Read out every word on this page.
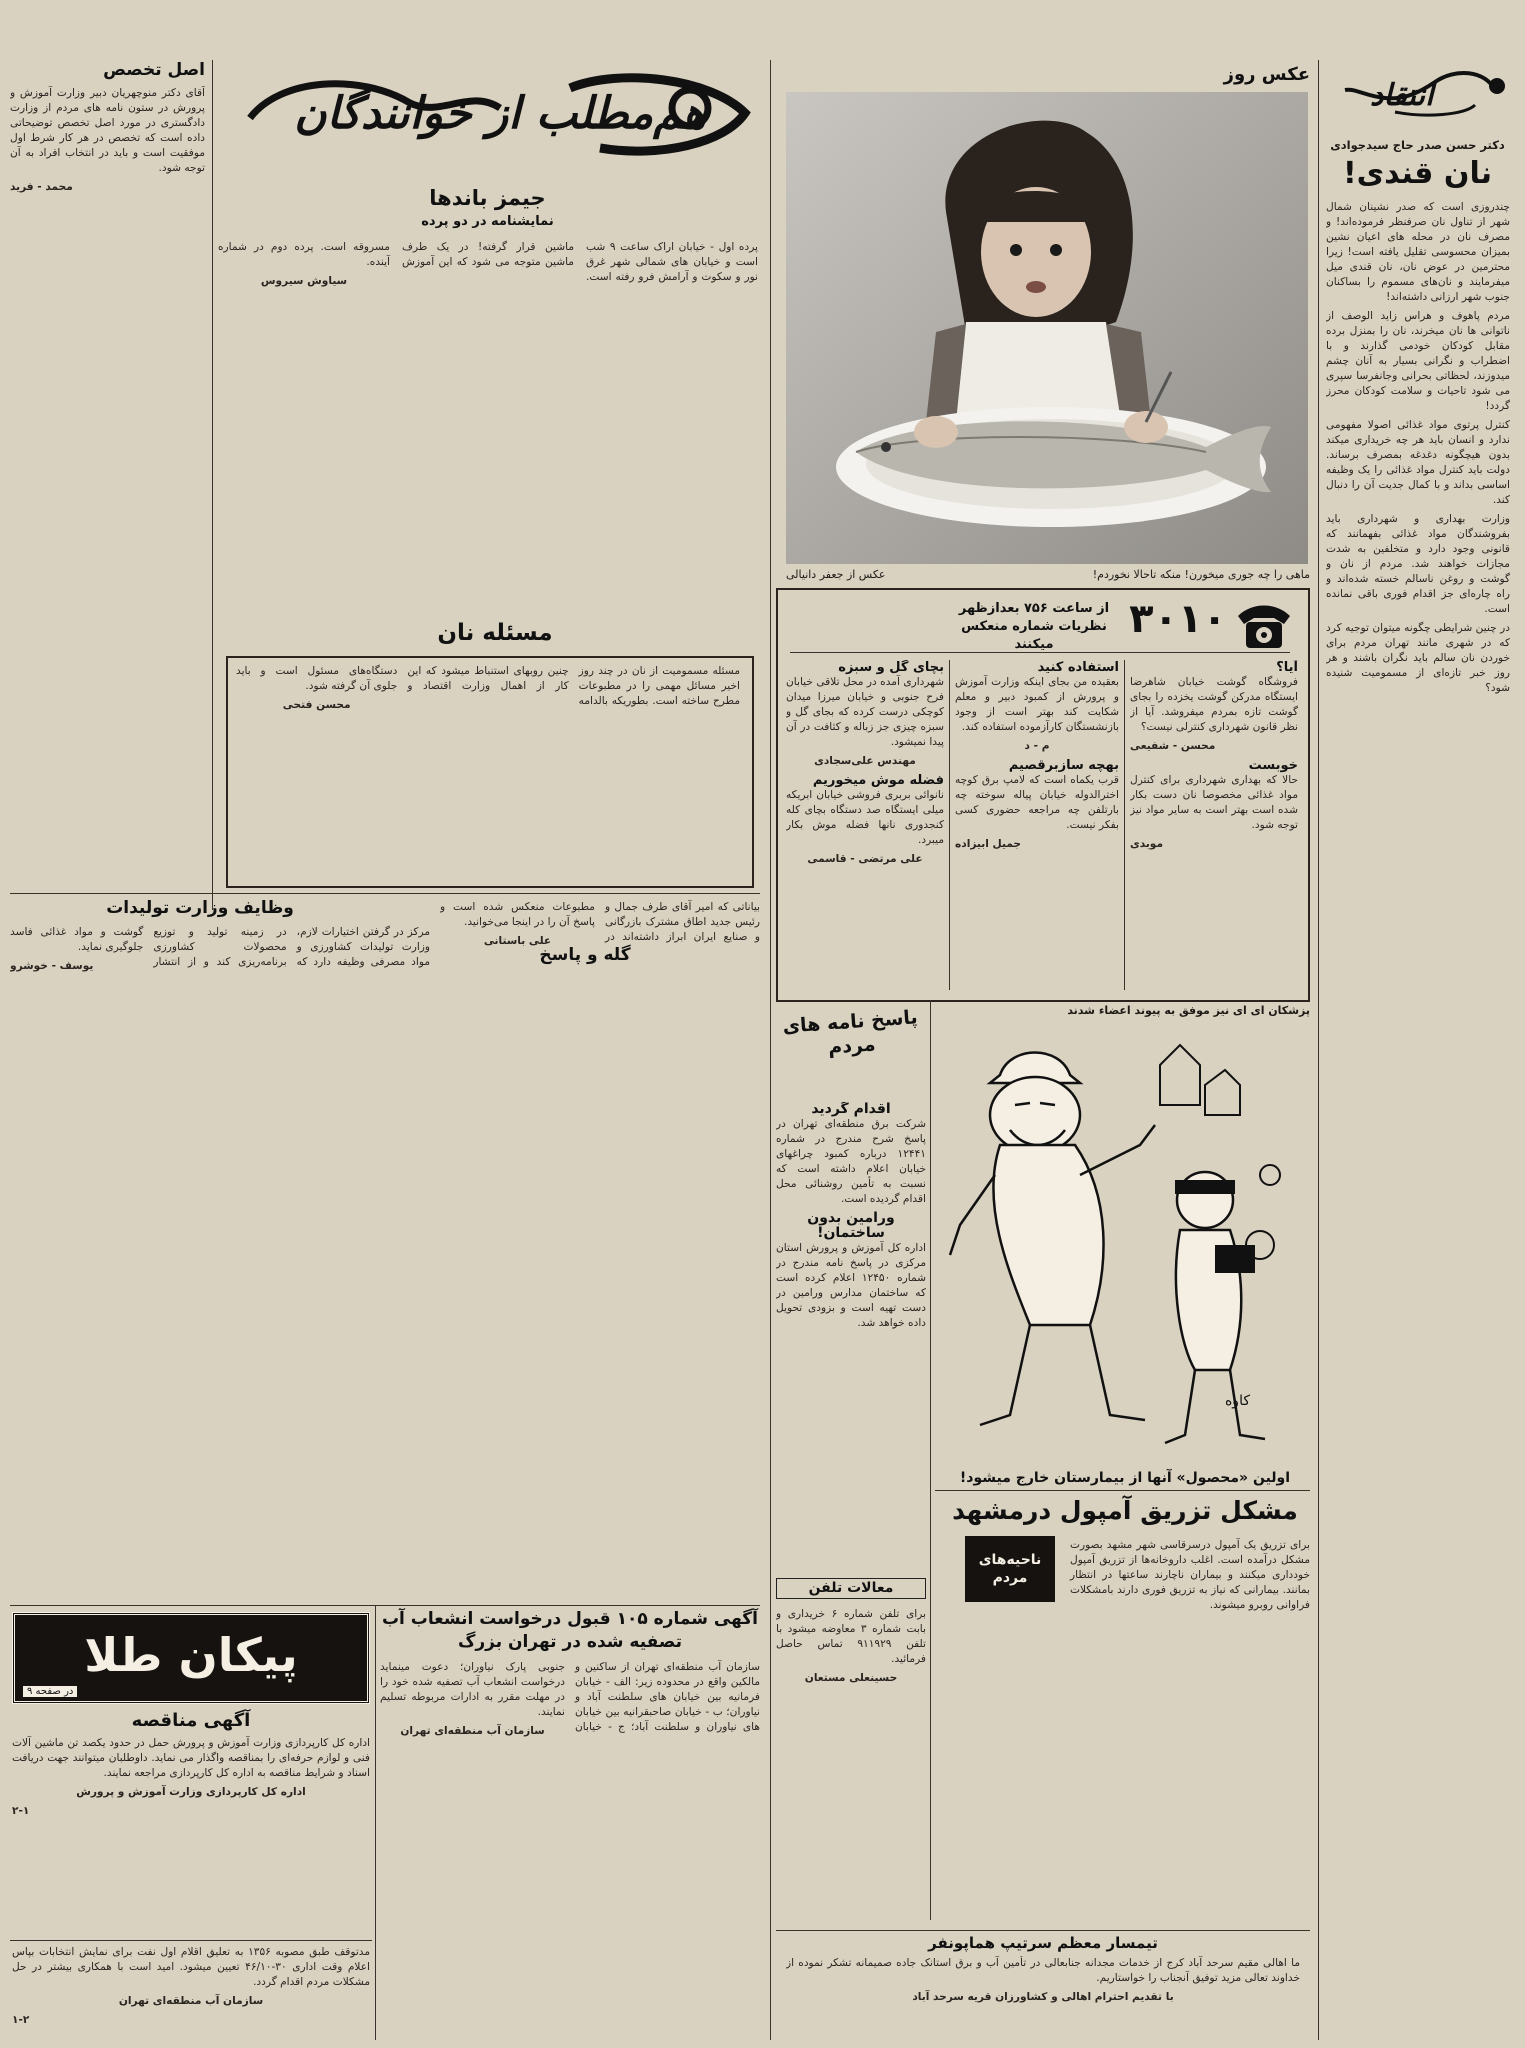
انتقاد
دکتر حسن صدر حاج سیدجوادی
نان قندی!

چندروزی است که صدر نشینان شمال شهر از تناول نان صرفنظر فرموده‌اند! و مصرف نان در محله های اعیان نشین بمیزان محسوسی تقلیل یافته است! زیرا محترمین در عوض نان، نان قندی میل میفرمایند و نان‌های مسموم را بساکنان جنوب شهر ارزانی داشته‌اند!

مردم پاهوف و هراس زاید الوصف از ناتوانی ها نان میخرند، نان را بمنزل برده مقابل کودکان خودمی گذارند و با اضطراب و نگرانی بسیار به آنان چشم میدوزند، لحظاتی بحرانی وجانفرسا سپری می شود تاحیات و سلامت کودکان محرز گردد!

کنترل پرتوی مواد غذائی اصولا مفهومی ندارد و انسان باید هر چه خریداری میکند بدون هیچگونه دغدغه بمصرف برساند. دولت باید کنترل مواد غذائی را یک وظیفه اساسی بداند و با کمال جدیت آن را دنبال کند.

وزارت بهداری و شهرداری باید بفروشندگان مواد غذائی بفهمانند که قانونی وجود دارد و متخلفین به شدت مجازات خواهند شد. مردم از نان و گوشت و روغن ناسالم خسته شده‌اند و راه چاره‌ای جز اقدام فوری باقی نمانده است.

در چنین شرایطی چگونه میتوان توجیه کرد که در شهری مانند تهران مردم برای خوردن نان سالم باید نگران باشند و هر روز خبر تازه‌ای از مسمومیت شنیده شود؟

عکس روز
ماهی را چه جوری میخورن! منکه تاحالا نخوردم!
عکس از جعفر دانیالی
۳۰۱۰
از ساعت ۷۵۶ بعدازظهر نظریات شماره منعکس میکنند
آیا؟

فروشگاه گوشت خیابان شاهرضا ایستگاه مدرکن گوشت یخزده را بجای گوشت تازه بمردم میفروشد. آیا از نظر قانون شهرداری کنترلی نیست؟

محسن - شفیعی

خوبست

حالا که بهداری شهرداری برای کنترل مواد غذائی مخصوصا نان دست بکار شده است بهتر است به سایر مواد نیز توجه شود.

موبدی

استفاده کنید

بعقیده من بجای اینکه وزارت آموزش و پرورش از کمبود دبیر و معلم شکایت کند بهتر است از وجود بازنشستگان کارآزموده استفاده کند.

م - د

بهچه سازبرقصیم

قرب یکماه است که لامپ برق کوچه اخترالدوله خیابان پیاله سوخته چه بارتلفن چه مراجعه حضوری کسی بفکر نیست.

جمیل ابیزاده

بچای گل و سبزه

شهرداری آمده در محل تلاقی خیابان فرح جنوبی و خیابان میرزا میدان کوچکی درست کرده که بجای گل و سبزه چیزی جز زباله و کثافت در آن پیدا نمیشود.

مهندس علی‌سجادی

فضله موش میخوریم

نانوائی بربری فروشی خیابان ابریکه میلی ایستگاه صد دستگاه بچای کله کنجدوری نانها فضله موش بکار میبرد.

علی مرتضی - قاسمی

پزشکان ای ای نیز موفق به پیوند اعضاء شدند
کاوه
اولین «محصول» آنها از بیمارستان خارج میشود!
پاسخ نامه های مردم
اقدام گردید

شرکت برق منطقه‌ای تهران در پاسخ شرح مندرج در شماره ۱۲۴۴۱ درباره کمبود چراغهای خیابان اعلام داشته است که نسبت به تأمین روشنائی محل اقدام گردیده است.

ورامین بدون ساختمان!

اداره کل آموزش و پرورش استان مرکزی در پاسخ نامه مندرج در شماره ۱۲۴۵۰ اعلام کرده است که ساختمان مدارس ورامین در دست تهیه است و بزودی تحویل داده خواهد شد.

مشکل تزریق آمپول درمشهد
ناحیه‌های مردم

برای تزریق یک آمپول درسرقاسی شهر مشهد بصورت مشکل درآمده است. اغلب داروخانه‌ها از تزریق آمپول خودداری میکنند و بیماران ناچارند ساعتها در انتظار بمانند. بیمارانی که نیاز به تزریق فوری دارند بامشکلات فراوانی روبرو میشوند.

معالات تلفن

برای تلفن شماره ۶ خریداری و بابت شماره ۳ معاوضه میشود با تلفن ۹۱۱۹۲۹ تماس حاصل فرمائید.

حسینعلی مستعان

تیمسار معظم سرتیپ هماپونفر

ما اهالی مقیم سرحد آباد کرج از خدمات مجدانه جنابعالی در تأمین آب و برق استانک جاده صمیمانه تشکر نموده از خداوند تعالی مزید توفیق آنجناب را خواستاریم.

با تقدیم احترام اهالی و کشاورزان قریه سرحد آباد

هم‌مطلب از خوانندگان
جیمز باندها
نمایشنامه در دو پرده

پرده اول - خیابان اراک ساعت ۹ شب است و خیابان های شمالی شهر غرق نور و سکوت و آرامش فرو رفته است. ماشین قرار گرفته! در یک طرف ماشین متوجه می شود که این آموزش مسروقه است. پرده دوم در شماره آینده.

سیاوش سیروس

اصل تخصص

آقای دکتر منوچهریان دبیر وزارت آموزش و پرورش در ستون نامه های مردم از وزارت دادگستری در مورد اصل تخصص توضیحاتی داده است که تخصص در هر کار شرط اول موفقیت است و باید در انتخاب افراد به آن توجه شود.

محمد - فرید

مسئله نان

مسئله مسمومیت از نان در چند روز اخیر مسائل مهمی را در مطبوعات مطرح ساخته است. بطوریکه بالدامه چنین روبهای استنباط میشود که این کار از اهمال وزارت اقتصاد و دستگاه‌های مسئول است و باید جلوی آن گرفته شود.

محسن فتحی

وظایف وزارت تولیدات
گله و پاسخ

مرکز در گرفتن اختیارات لازم، وزارت تولیدات کشاورزی و مواد مصرفی وظیفه دارد که در زمینه تولید و توزیع محصولات کشاورزی برنامه‌ریزی کند و از انتشار گوشت و مواد غذائی فاسد جلوگیری نماید.

یوسف - خوشرو

بیاناتی که امیر آقای طرف جمال و رئیس جدید اطاق مشترک بازرگانی و صنایع ایران ابراز داشته‌اند در مطبوعات منعکس شده است و پاسخ آن را در اینجا می‌خوانید.

علی باستانی

آگهی شماره ۱۰۵ قبول درخواست انشعاب آب تصفیه شده در تهران بزرگ

سازمان آب منطقه‌ای تهران از ساکنین و مالکین واقع در محدوده زیر: الف - خیابان فرمانیه بین خیابان های سلطنت آباد و نیاوران؛ ب - خیابان صاحبقرانیه بین خیابان های نیاوران و سلطنت آباد؛ ج - خیابان جنوبی پارک نیاوران؛ دعوت مینماید درخواست انشعاب آب تصفیه شده خود را در مهلت مقرر به ادارات مربوطه تسلیم نمایند.

سازمان آب منطقه‌ای تهران

پیکان طلا
در صفحه ۹
آگهی مناقصه

اداره کل کارپردازی وزارت آموزش و پرورش حمل در حدود یکصد تن ماشین آلات فنی و لوازم حرفه‌ای را بمناقصه واگذار می نماید. داوطلبان میتوانند جهت دریافت اسناد و شرایط مناقصه به اداره کل کارپردازی مراجعه نمایند.

اداره کل کارپردازی وزارت آموزش و پرورش

۲-۱

مدتوقف طبق مصوبه ۱۳۵۶ به تعلیق اقلام اول نفت برای نمایش انتخابات بپاس اعلام وقت اداری ۳۰-۴۶/۱۰ تعیین میشود. امید است با همکاری بیشتر در حل مشکلات مردم اقدام گردد.

سازمان آب منطقه‌ای تهران

۱-۲
